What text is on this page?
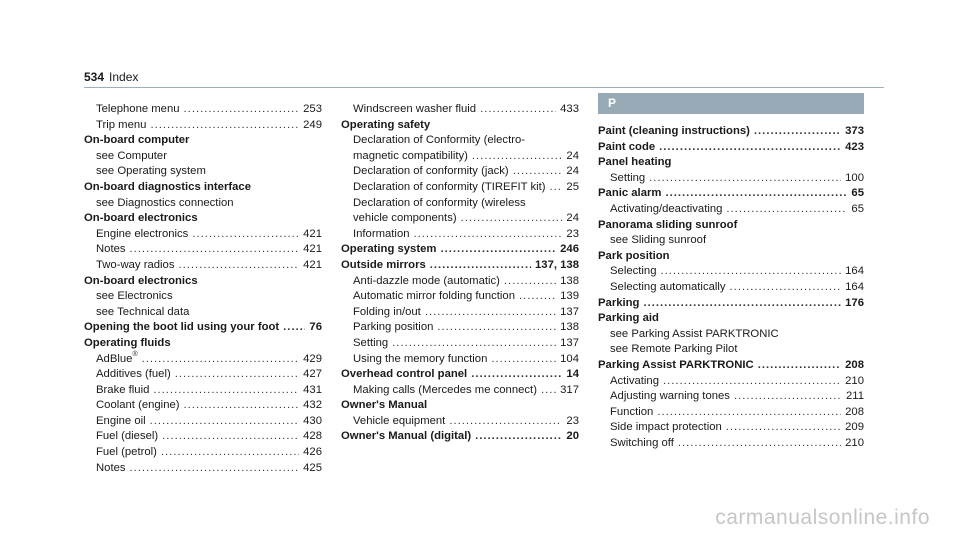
534 Index
Telephone menu .....	253
Trip menu .....	249
On-board computer
see Computer
see Operating system
On-board diagnostics interface
see Diagnostics connection
On-board electronics
Engine electronics .....	421
Notes .....	421
Two-way radios .....	421
On-board electronics
see Electronics
see Technical data
Opening the boot lid using your foot .....	76
Operating fluids
AdBlue® .....	429
Additives (fuel) .....	427
Brake fluid .....	431
Coolant (engine) .....	432
Engine oil .....	430
Fuel (diesel) .....	428
Fuel (petrol) .....	426
Notes .....	425
Windscreen washer fluid .....	433
Operating safety
Declaration of Conformity (electro-
magnetic compatibility) .....	24
Declaration of conformity (jack) .....	24
Declaration of conformity (TIREFIT kit) ..... 25
Declaration of conformity (wireless
vehicle components) .....	24
Information .....	23
Operating system .....	246
Outside mirrors .....	137, 138
Anti-dazzle mode (automatic) .....	138
Automatic mirror folding function .....	139
Folding in/out .....	137
Parking position .....	138
Setting .....	137
Using the memory function .....	104
Overhead control panel .....	14
Making calls (Mercedes me connect) ..... 317
Owner's Manual
Vehicle equipment .....	23
Owner's Manual (digital) .....	20
P
Paint (cleaning instructions) .....	373
Paint code .....	423
Panel heating
Setting .....	100
Panic alarm .....	65
Activating/deactivating .....	65
Panorama sliding sunroof
see Sliding sunroof
Park position
Selecting .....	164
Selecting automatically .....	164
Parking .....	176
Parking aid
see Parking Assist PARKTRONIC
see Remote Parking Pilot
Parking Assist PARKTRONIC .....	208
Activating .....	210
Adjusting warning tones .....	211
Function .....	208
Side impact protection .....	209
Switching off .....	210
carmanualsonline.info
